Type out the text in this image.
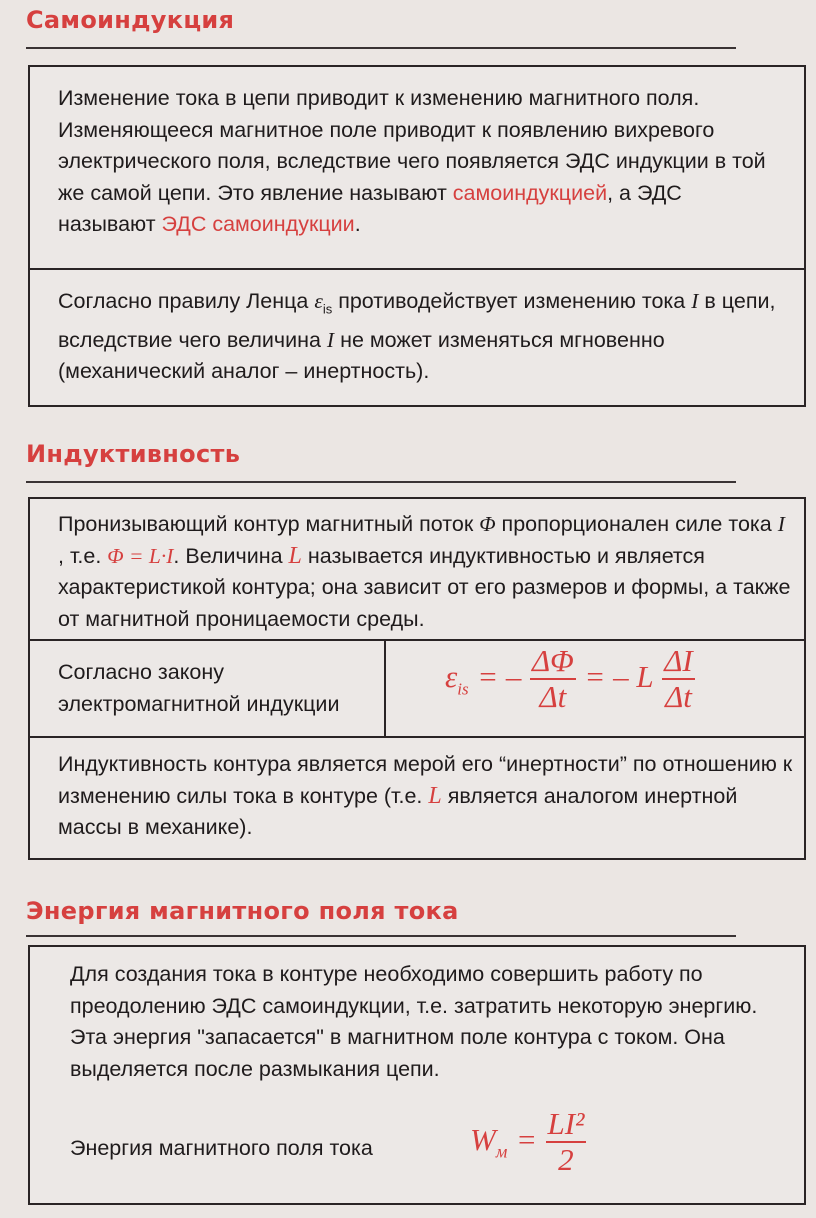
Самоиндукция
Изменение тока в цепи приводит к изменению магнитного поля. Изменяющееся магнитное поле приводит к появлению вихревого электрического поля, вследствие чего появляется ЭДС индукции в той же самой цепи. Это явление называют самоиндукцией, а ЭДС называют ЭДС самоиндукции.
Согласно правилу Ленца $\varepsilon_{is}$ противодействует изменению тока I в цепи, вследствие чего величина I не может изменяться мгновенно (механический аналог – инертность).
Индуктивность
Пронизывающий контур магнитный поток Φ пропорционален силе тока I , т.е. Φ = L·I. Величина L называется индуктивностью и является характеристикой контура; она зависит от его размеров и формы, а также от магнитной проницаемости среды.
Согласно закону электромагнитной индукции
$\varepsilon_{is}$ = – $\frac{\Delta\Phi}{\Delta t}$ = – L $\frac{\Delta I}{\Delta t}$
Индуктивность контура является мерой его “инертности” по отношению к изменению силы тока в контуре (т.е. L является аналогом инертной массы в механике).
Энергия магнитного поля тока
Для создания тока в контуре необходимо совершить работу по преодолению ЭДС самоиндукции, т.е. затратить некоторую энергию. Эта энергия "запасается" в магнитном поле контура с током. Она выделяется после размыкания цепи.
Энергия магнитного поля тока	$W_м = \frac{\text{LI²}}{2}$
